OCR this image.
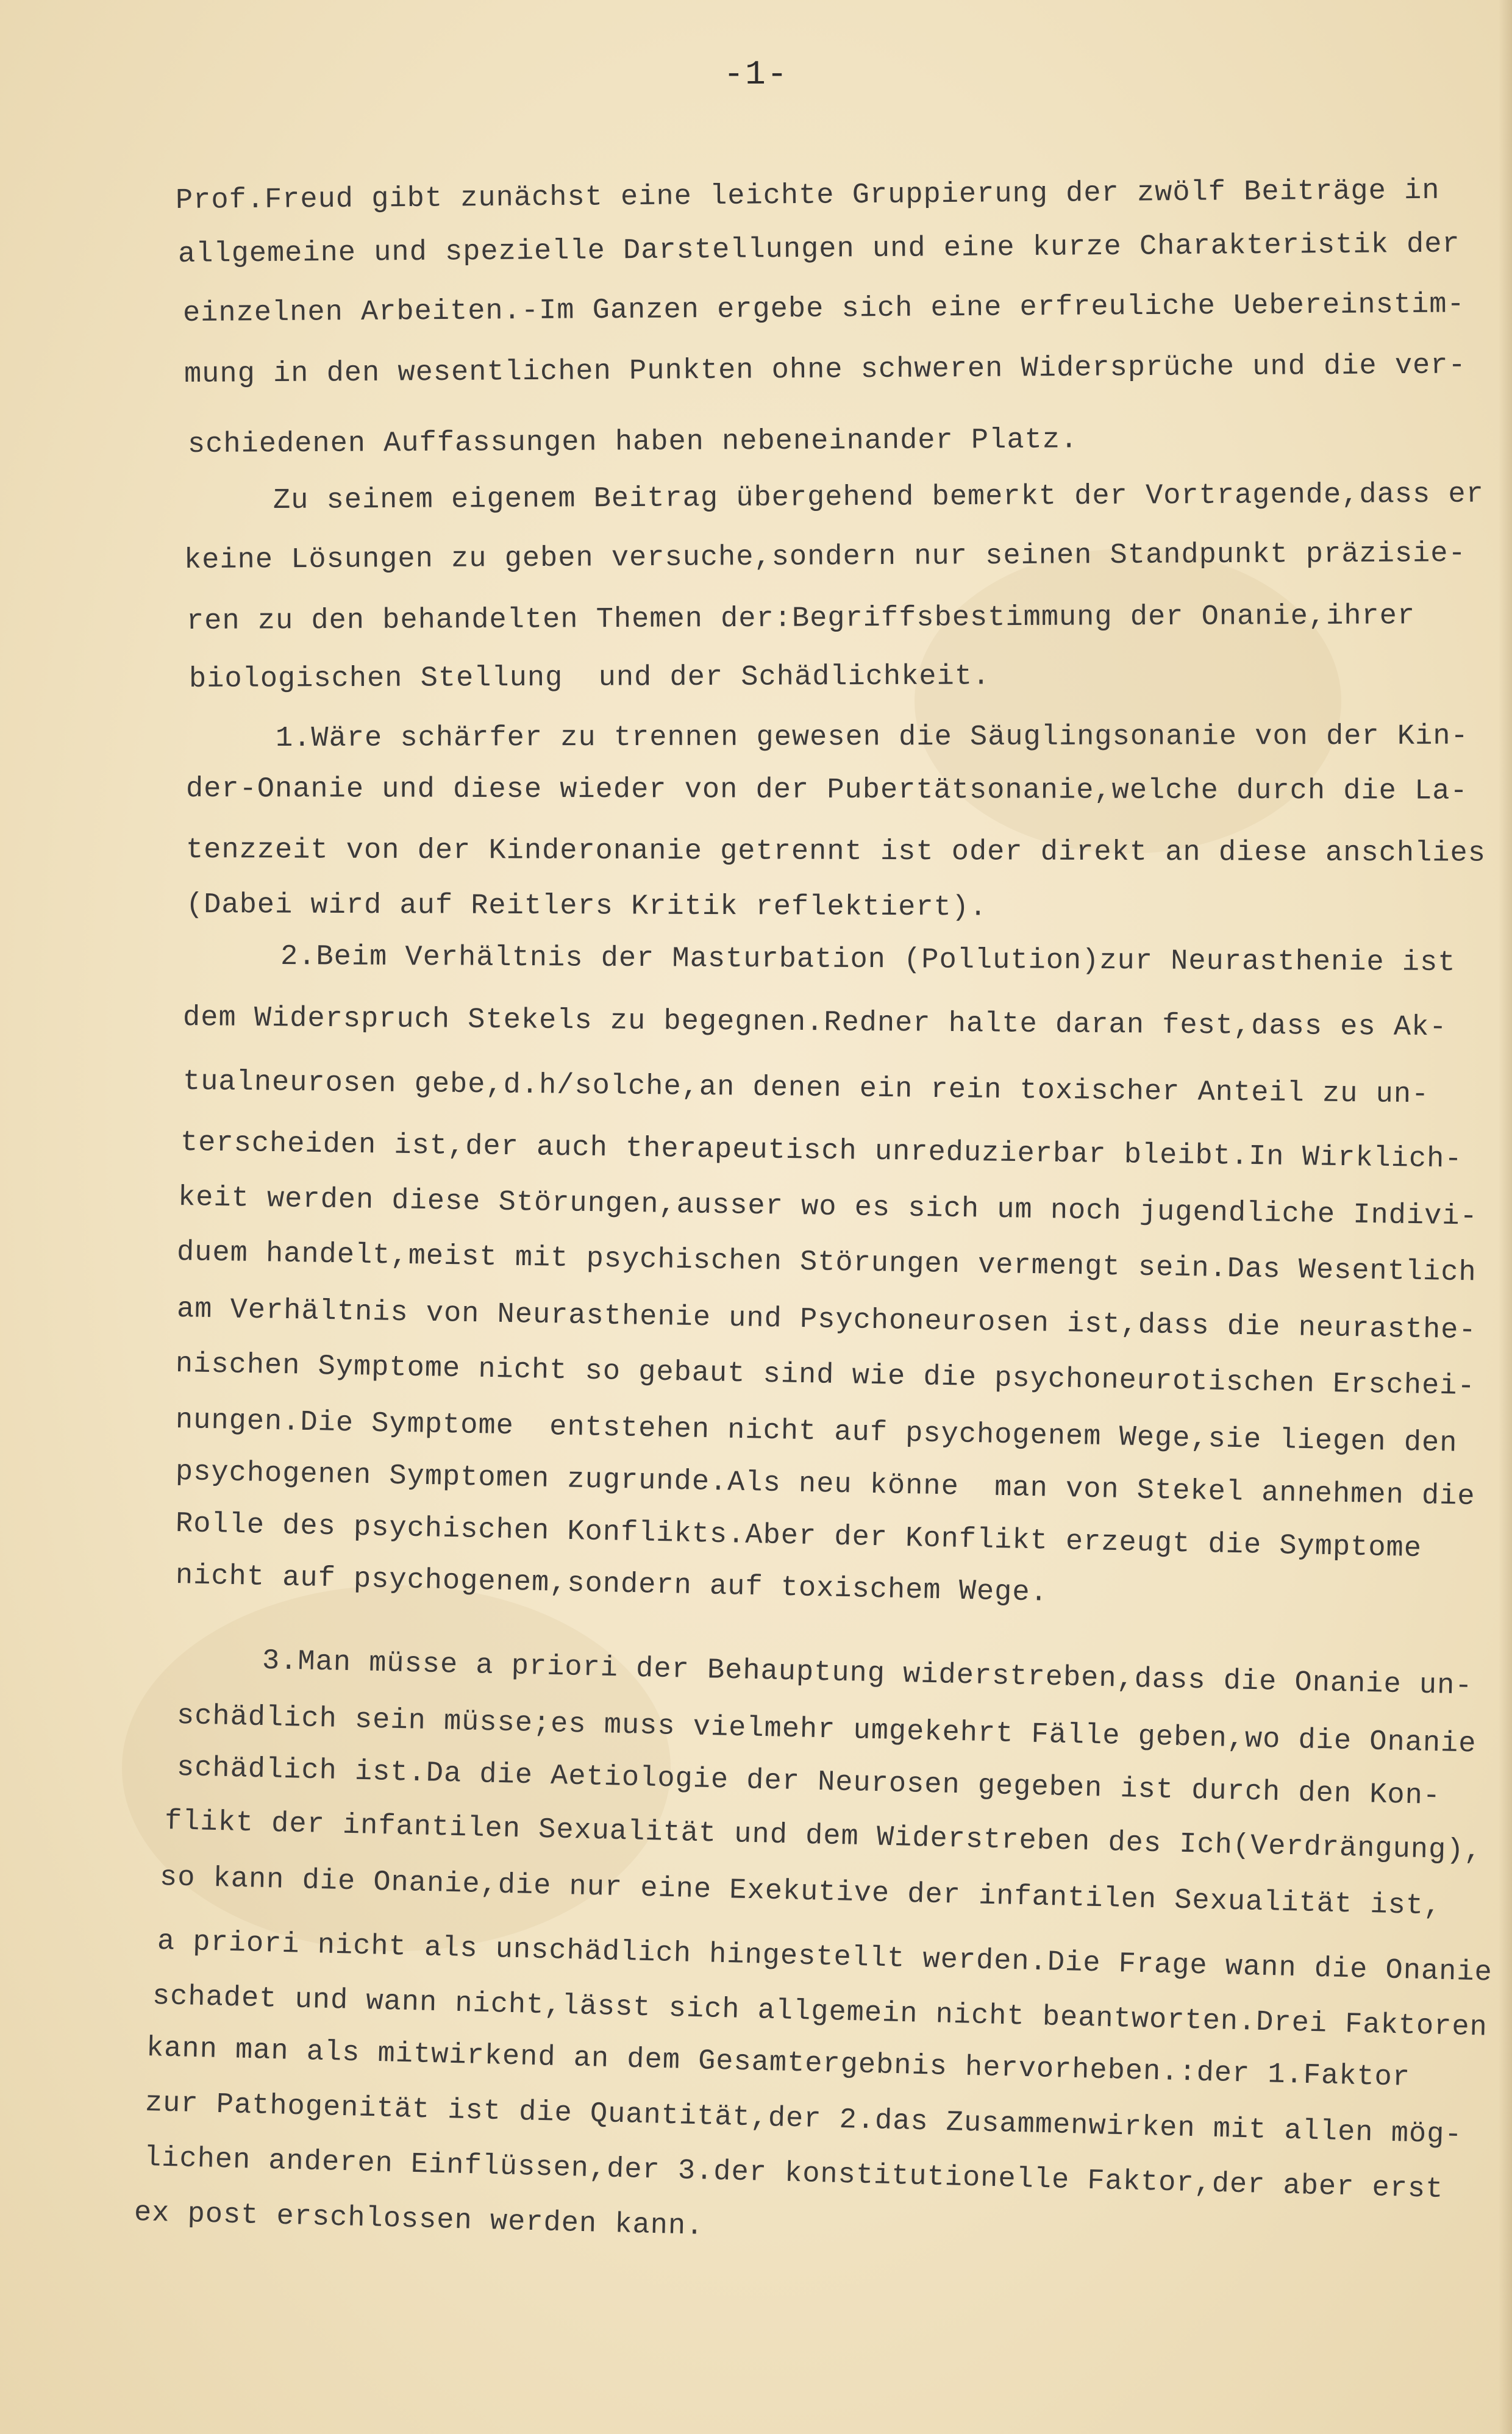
-1-
Prof.Freud gibt zunächst eine leichte Gruppierung der zwölf Beiträge in
allgemeine und spezielle Darstellungen und eine kurze Charakteristik der
einzelnen Arbeiten.-Im Ganzen ergebe sich eine erfreuliche Uebereinstim-
mung in den wesentlichen Punkten ohne schweren Widersprüche und die ver-
schiedenen Auffassungen haben nebeneinander Platz.
Zu seinem eigenem Beitrag übergehend bemerkt der Vortragende,dass er
keine Lösungen zu geben versuche,sondern nur seinen Standpunkt präzisie-
ren zu den behandelten Themen der:Begriffsbestimmung der Onanie,ihrer
biologischen Stellung  und der Schädlichkeit.
1.Wäre schärfer zu trennen gewesen die Säuglingsonanie von der Kin-
der-Onanie und diese wieder von der Pubertätsonanie,welche durch die La-
tenzzeit von der Kinderonanie getrennt ist oder direkt an diese anschlies
(Dabei wird auf Reitlers Kritik reflektiert).
2.Beim Verhältnis der Masturbation (Pollution)zur Neurasthenie ist
dem Widerspruch Stekels zu begegnen.Redner halte daran fest,dass es Ak-
tualneurosen gebe,d.h/solche,an denen ein rein toxischer Anteil zu un-
terscheiden ist,der auch therapeutisch unreduzierbar bleibt.In Wirklich-
keit werden diese Störungen,ausser wo es sich um noch jugendliche Indivi-
duem handelt,meist mit psychischen Störungen vermengt sein.Das Wesentlich
am Verhältnis von Neurasthenie und Psychoneurosen ist,dass die neurasthe-
nischen Symptome nicht so gebaut sind wie die psychoneurotischen Erschei-
nungen.Die Symptome  entstehen nicht auf psychogenem Wege,sie liegen den
psychogenen Symptomen zugrunde.Als neu könne  man von Stekel annehmen die
Rolle des psychischen Konflikts.Aber der Konflikt erzeugt die Symptome
nicht auf psychogenem,sondern auf toxischem Wege.
3.Man müsse a priori der Behauptung widerstreben,dass die Onanie un-
schädlich sein müsse;es muss vielmehr umgekehrt Fälle geben,wo die Onanie
schädlich ist.Da die Aetiologie der Neurosen gegeben ist durch den Kon-
flikt der infantilen Sexualität und dem Widerstreben des Ich(Verdrängung),
so kann die Onanie,die nur eine Exekutive der infantilen Sexualität ist,
a priori nicht als unschädlich hingestellt werden.Die Frage wann die Onanie
schadet und wann nicht,lässt sich allgemein nicht beantworten.Drei Faktoren
kann man als mitwirkend an dem Gesamtergebnis hervorheben.:der 1.Faktor
zur Pathogenität ist die Quantität,der 2.das Zusammenwirken mit allen mög-
lichen anderen Einflüssen,der 3.der konstitutionelle Faktor,der aber erst
ex post erschlossen werden kann.
